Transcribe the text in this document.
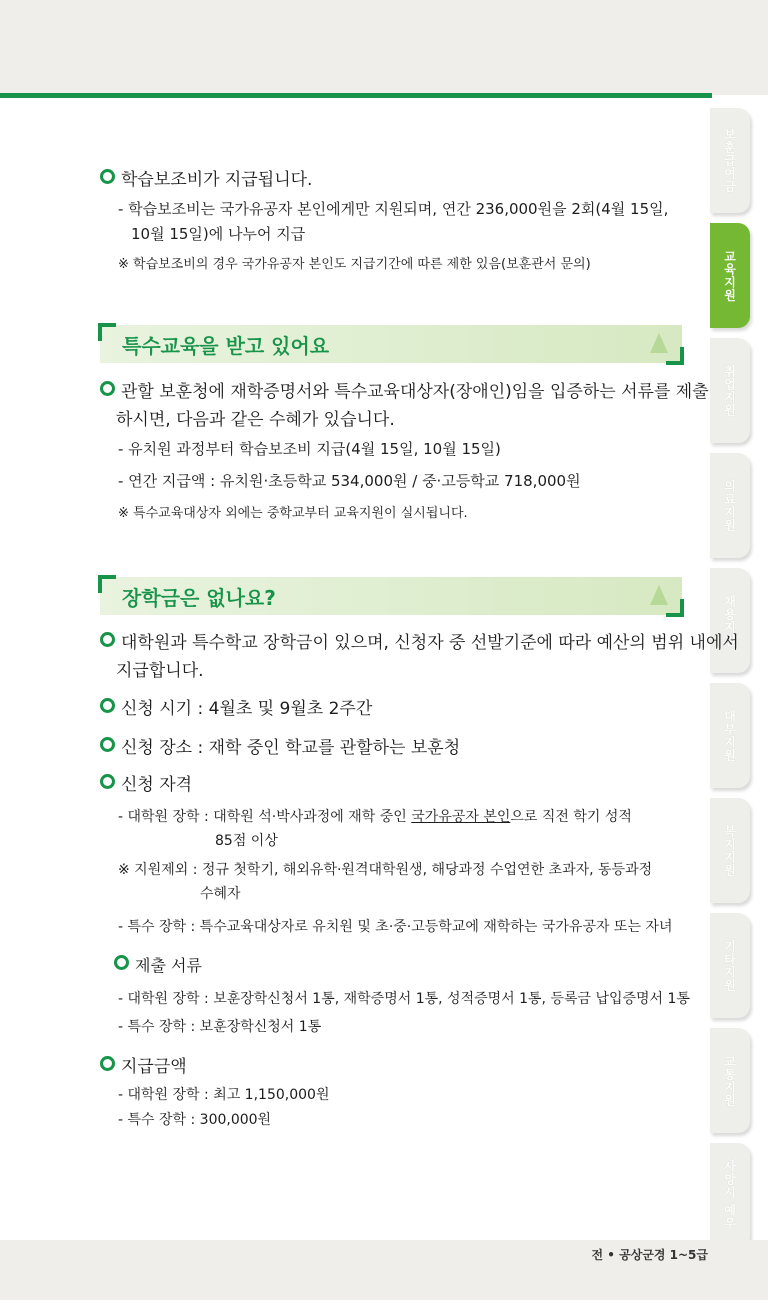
보훈급여금
교육지원
취업지원
의료지원
채용지원
대부지원
복지지원
기타지원
교통지원
사망시 예우
학습보조비가 지급됩니다.
- 학습보조비는 국가유공자 본인에게만 지원되며, 연간 236,000원을 2회(4월 15일,
10월 15일)에 나누어 지급
※ 학습보조비의 경우 국가유공자 본인도 지급기간에 따른 제한 있음(보훈관서 문의)
특수교육을 받고 있어요
관할 보훈청에 재학증명서와 특수교육대상자(장애인)임을 입증하는 서류를 제출
하시면, 다음과 같은 수혜가 있습니다.
- 유치원 과정부터 학습보조비 지급(4월 15일, 10월 15일)
- 연간 지급액 : 유치원·초등학교 534,000원 / 중·고등학교 718,000원
※ 특수교육대상자 외에는 중학교부터 교육지원이 실시됩니다.
장학금은 없나요?
대학원과 특수학교 장학금이 있으며, 신청자 중 선발기준에 따라 예산의 범위 내에서
지급합니다.
신청 시기 : 4월초 및 9월초 2주간
신청 장소 : 재학 중인 학교를 관할하는 보훈청
신청 자격
- 대학원 장학 : 대학원 석·박사과정에 재학 중인 국가유공자 본인으로 직전 학기 성적
85점 이상
※ 지원제외 : 정규 첫학기, 해외유학·원격대학원생, 해당과정 수업연한 초과자, 동등과정
수혜자
- 특수 장학 : 특수교육대상자로 유치원 및 초·중·고등학교에 재학하는 국가유공자 또는 자녀
제출 서류
- 대학원 장학 : 보훈장학신청서 1통, 재학증명서 1통, 성적증명서 1통, 등록금 납입증명서 1통
- 특수 장학 : 보훈장학신청서 1통
지급금액
- 대학원 장학 : 최고 1,150,000원
- 특수 장학 : 300,000원
전 • 공상군경 1~5급
